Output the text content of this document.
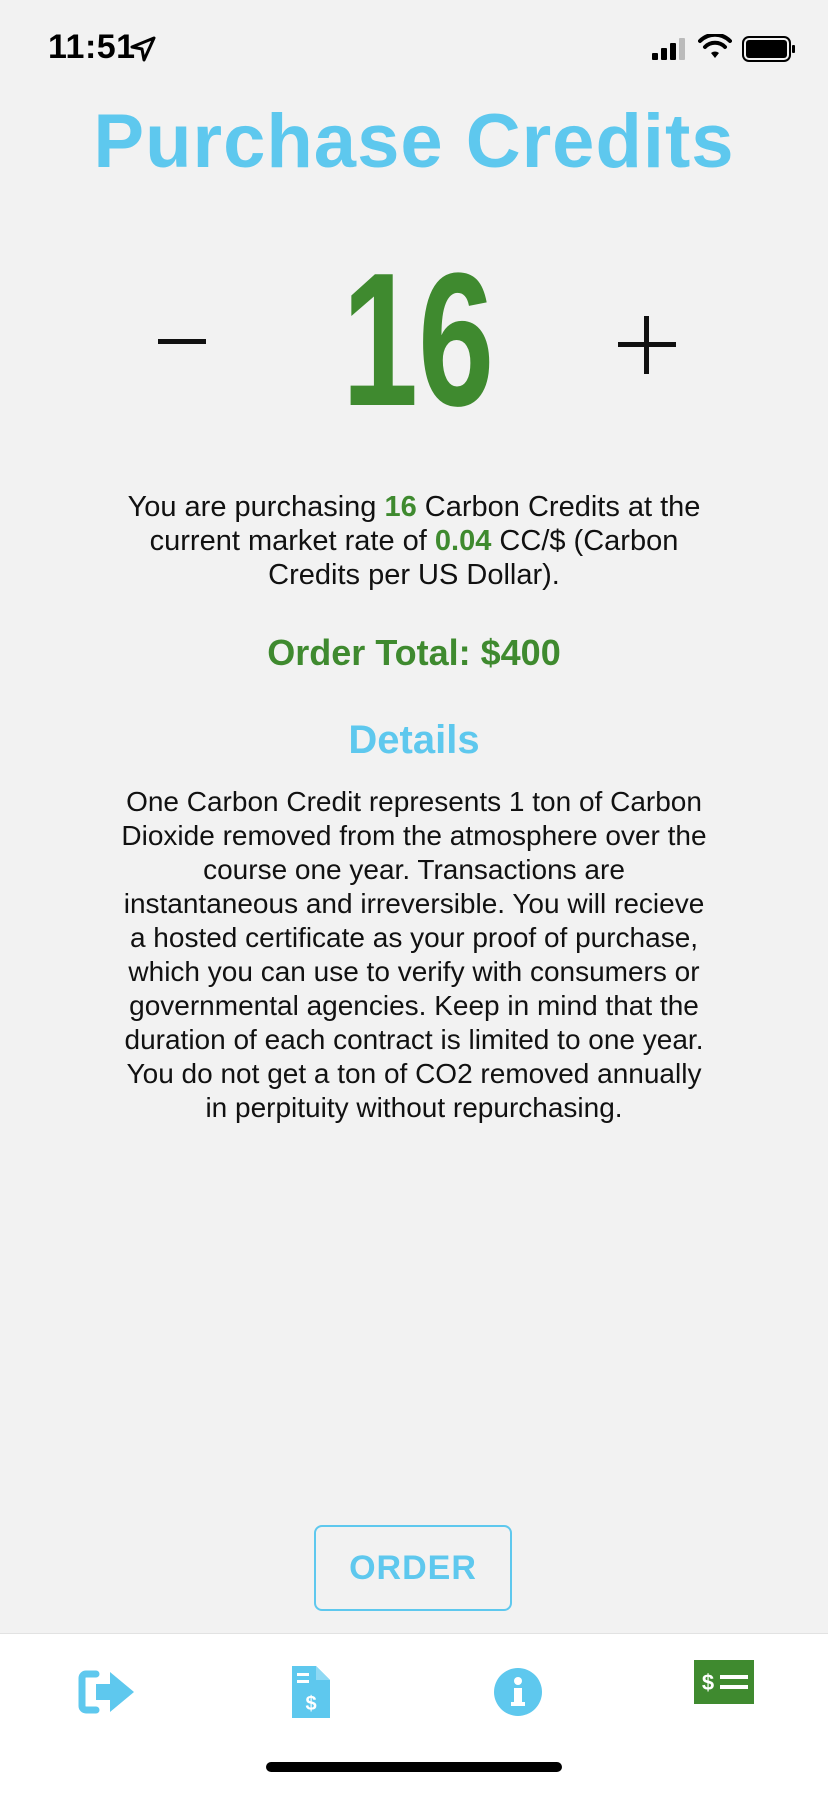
11:51
Purchase Credits
16
You are purchasing 16 Carbon Credits at the current market rate of 0.04 CC/$ (Carbon Credits per US Dollar).
Order Total: $400
Details
One Carbon Credit represents 1 ton of Carbon Dioxide removed from the atmosphere over the course one year. Transactions are instantaneous and irreversible. You will recieve a hosted certificate as your proof of purchase, which you can use to verify with consumers or governmental agencies. Keep in mind that the duration of each contract is limited to one year. You do not get a ton of CO2 removed annually in perpituity without repurchasing.
ORDER
$
$
